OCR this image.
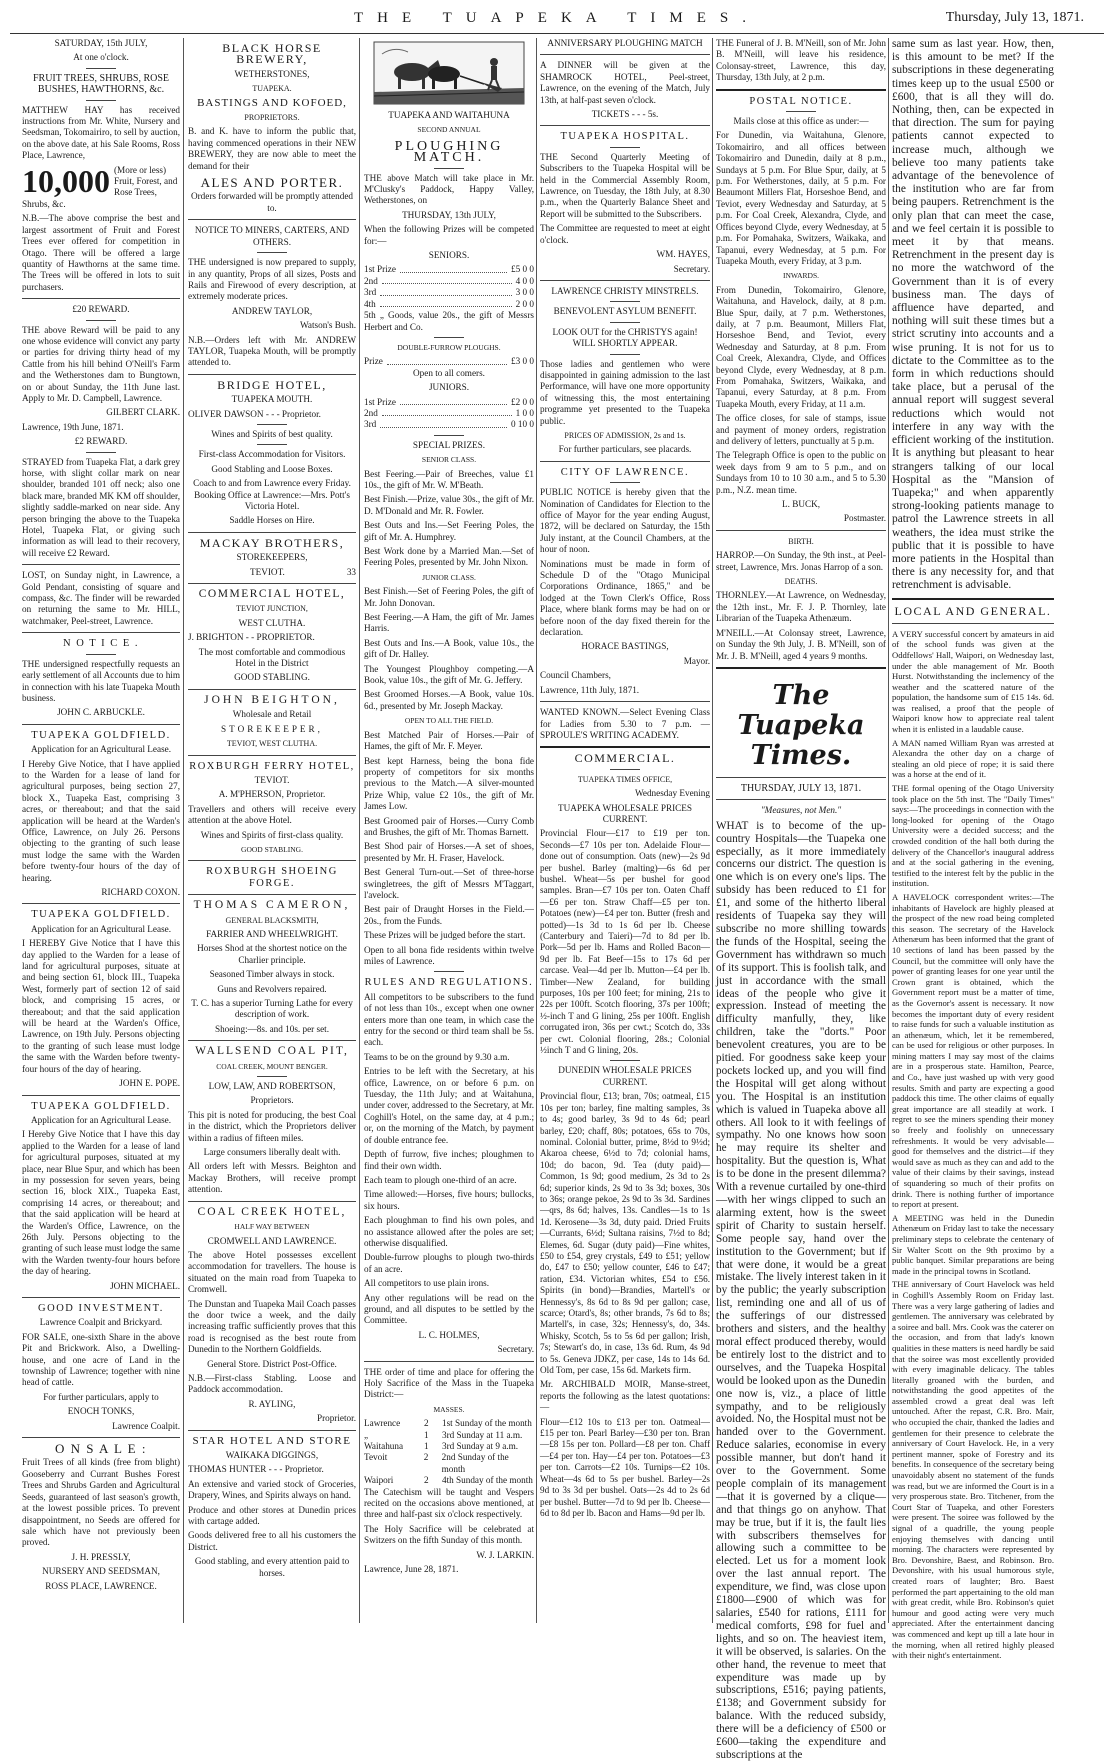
THE TUAPEKA TIMES.	Thursday, July 13, 1871.

SATURDAY, 15th JULY,

At one o'clock.

FRUIT TREES, SHRUBS, ROSE BUSHES, HAWTHORNS, &c.

MATTHEW HAY has received instructions from Mr. White, Nursery and Seedsman, Tokomairiro, to sell by auction, on the above date, at his Sale Rooms, Ross Place, Lawrence,

10,000 (More or less) Fruit, Forest, and Rose Trees, Shrubs, &c.

N.B.—The above comprise the best and largest assortment of Fruit and Forest Trees ever offered for competition in Otago. There will be offered a large quantity of Hawthorns at the same time. The Trees will be offered in lots to suit purchasers.

£20 REWARD.

THE above Reward will be paid to any one whose evidence will convict any party or parties for driving thirty head of my Cattle from his hill behind O'Neill's Farm and the Wetherstones dam to Bungtown, on or about Sunday, the 11th June last. Apply to Mr. D. Campbell, Lawrence.

GILBERT CLARK.

Lawrence, 19th June, 1871.

£2 REWARD.

STRAYED from Tuapeka Flat, a dark grey horse, with slight collar mark on near shoulder, branded 101 off neck; also one black mare, branded MK KM off shoulder, slightly saddle-marked on near side. Any person bringing the above to the Tuapeka Hotel, Tuapeka Flat, or giving such information as will lead to their recovery, will receive £2 Reward.

LOST, on Sunday night, in Lawrence, a Gold Pendant, consisting of square and compass, &c. The finder will be rewarded on returning the same to Mr. HILL, watchmaker, Peel-street, Lawrence.

N O T I C E .

THE undersigned respectfully requests an early settlement of all Accounts due to him in connection with his late Tuapeka Mouth business.

JOHN C. ARBUCKLE.

TUAPEKA GOLDFIELD.

Application for an Agricultural Lease.

I Hereby Give Notice, that I have applied to the Warden for a lease of land for agricultural purposes, being section 27, block X., Tuapeka East, comprising 3 acres, or thereabout; and that the said application will be heard at the Warden's Office, Lawrence, on July 26. Persons objecting to the granting of such lease must lodge the same with the Warden before twenty-four hours of the day of hearing.

RICHARD COXON.

TUAPEKA GOLDFIELD.

Application for an Agricultural Lease.

I HEREBY Give Notice that I have this day applied to the Warden for a lease of land for agricultural purposes, situate at and being section 61, block III., Tuapeka West, formerly part of section 12 of said block, and comprising 15 acres, or thereabout; and that the said application will be heard at the Warden's Office, Lawrence, on 19th July. Persons objecting to the granting of such lease must lodge the same with the Warden before twenty-four hours of the day of hearing.

JOHN E. POPE.

TUAPEKA GOLDFIELD.

Application for an Agricultural Lease.

I Hereby Give Notice that I have this day applied to the Warden for a lease of land for agricultural purposes, situated at my place, near Blue Spur, and which has been in my possession for seven years, being section 16, block XIX., Tuapeka East, comprising 14 acres, or thereabout; and that the said application will be heard at the Warden's Office, Lawrence, on the 26th July. Persons objecting to the granting of such lease must lodge the same with the Warden twenty-four hours before the day of hearing.

JOHN MICHAEL.

GOOD INVESTMENT.

Lawrence Coalpit and Brickyard.

FOR SALE, one-sixth Share in the above Pit and Brickwork. Also, a Dwelling-house, and one acre of Land in the township of Lawrence; together with nine head of cattle.

For further particulars, apply to

ENOCH TONKS,

Lawrence Coalpit.

O N S A L E :

Fruit Trees of all kinds (free from blight) Gooseberry and Currant Bushes Forest Trees and Shrubs Garden and Agricultural Seeds, guaranteed of last season's growth, at the lowest possible prices. To prevent disappointment, no Seeds are offered for sale which have not previously been proved.

J. H. PRESSLY,

NURSERY AND SEEDSMAN,

ROSS PLACE, LAWRENCE.

BLACK HORSE BREWERY,

WETHERSTONES,

TUAPEKA.

BASTINGS AND KOFOED,

PROPRIETORS.

B. and K. have to inform the public that, having commenced operations in their NEW BREWERY, they are now able to meet the demand for their

ALES AND PORTER.

Orders forwarded will be promptly attended to.

NOTICE TO MINERS, CARTERS, AND OTHERS.

THE undersigned is now prepared to supply, in any quantity, Props of all sizes, Posts and Rails and Firewood of every description, at extremely moderate prices.

ANDREW TAYLOR,

Watson's Bush.

N.B.—Orders left with Mr. ANDREW TAYLOR, Tuapeka Mouth, will be promptly attended to.

BRIDGE HOTEL,

TUAPEKA MOUTH.

OLIVER DAWSON - - - Proprietor.

Wines and Spirits of best quality.

First-class Accommodation for Visitors.

Good Stabling and Loose Boxes.

Coach to and from Lawrence every Friday. Booking Office at Lawrence:—Mrs. Pott's Victoria Hotel.

Saddle Horses on Hire.

MACKAY BROTHERS,

STOREKEEPERS,

TEVIOT.	33

COMMERCIAL HOTEL,

TEVIOT JUNCTION,

WEST CLUTHA.

J. BRIGHTON - - PROPRIETOR.

The most comfortable and commodious Hotel in the District

GOOD STABLING.

JOHN BEIGHTON,

Wholesale and Retail

STOREKEEPER,

TEVIOT, WEST CLUTHA.

ROXBURGH FERRY HOTEL,

TEVIOT.

A. M'PHERSON, Proprietor.

Travellers and others will receive every attention at the above Hotel.

Wines and Spirits of first-class quality.

GOOD STABLING.

ROXBURGH SHOEING FORGE.

THOMAS CAMERON,

GENERAL BLACKSMITH,

FARRIER AND WHEELWRIGHT.

Horses Shod at the shortest notice on the Charlier principle.

Seasoned Timber always in stock.

Guns and Revolvers repaired.

T. C. has a superior Turning Lathe for every description of work.

Shoeing:—8s. and 10s. per set.

WALLSEND COAL PIT,

COAL CREEK, MOUNT BENGER.

LOW, LAW, AND ROBERTSON,

Proprietors.

This pit is noted for producing, the best Coal in the district, which the Proprietors deliver within a radius of fifteen miles.

Large consumers liberally dealt with.

All orders left with Messrs. Beighton and Mackay Brothers, will receive prompt attention.

COAL CREEK HOTEL,

HALF WAY BETWEEN

CROMWELL AND LAWRENCE.

The above Hotel possesses excellent accommodation for travellers. The house is situated on the main road from Tuapeka to Cromwell.

The Dunstan and Tuapeka Mail Coach passes the door twice a week, and the daily increasing traffic sufficiently proves that this road is recognised as the best route from Dunedin to the Northern Goldfields.

General Store. District Post-Office.

N.B.—First-class Stabling. Loose and Paddock accommodation.

R. AYLING,

Proprietor.

STAR HOTEL AND STORE

WAIKAKA DIGGINGS,

THOMAS HUNTER - - - Proprietor.

An extensive and varied stock of Groceries, Drapery, Wines, and Spirits always on hand.

Produce and other stores at Dunedin prices with cartage added.

Goods delivered free to all his customers the District.

Good stabling, and every attention paid to horses.

TUAPEKA AND WAITAHUNA

SECOND ANNUAL

PLOUGHING MATCH.

THE above Match will take place in Mr. M'Clusky's Paddock, Happy Valley, Wetherstones, on

THURSDAY, 13th JULY,

When the following Prizes will be competed for:—

SENIORS.

1st Prize	£5 0 0
2nd	4 0 0
3rd	3 0 0
4th	2 0 0

5th „ Goods, value 20s., the gift of Messrs Herbert and Co.

DOUBLE-FURROW PLOUGHS.

Prize	£3 0 0

Open to all comers.

JUNIORS.

1st Prize	£2 0 0
2nd	1 0 0
3rd	0 10 0

SPECIAL PRIZES.

SENIOR CLASS.

Best Feering.—Pair of Breeches, value £1 10s., the gift of Mr. W. M'Beath.

Best Finish.—Prize, value 30s., the gift of Mr. D. M'Donald and Mr. R. Fowler.

Best Outs and Ins.—Set Feering Poles, the gift of Mr. A. Humphrey.

Best Work done by a Married Man.—Set of Feering Poles, presented by Mr. John Nixon.

JUNIOR CLASS.

Best Finish.—Set of Feering Poles, the gift of Mr. John Donovan.

Best Feering.—A Ham, the gift of Mr. James Harris.

Best Outs and Ins.—A Book, value 10s., the gift of Dr. Halley.

The Youngest Ploughboy competing.—A Book, value 10s., the gift of Mr. G. Jeffery.

Best Groomed Horses.—A Book, value 10s. 6d., presented by Mr. Joseph Mackay.

OPEN TO ALL THE FIELD.

Best Matched Pair of Horses.—Pair of Hames, the gift of Mr. F. Meyer.

Best kept Harness, being the bona fide property of competitors for six months previous to the Match.—A silver-mounted Prize Whip, value £2 10s., the gift of Mr. James Low.

Best Groomed pair of Horses.—Curry Comb and Brushes, the gift of Mr. Thomas Barnett.

Best Shod pair of Horses.—A set of shoes, presented by Mr. H. Fraser, Havelock.

Best General Turn-out.—Set of three-horse swingletrees, the gift of Messrs M'Taggart, l'avelock.

Best pair of Draught Horses in the Field.—20s., from the Funds.

These Prizes will be judged before the start.

Open to all bona fide residents within twelve miles of Lawrence.

RULES AND REGULATIONS.

All competitors to be subscribers to the fund of not less than 10s., except when one owner enters more than one team, in which case the entry for the second or third team shall be 5s. each.

Teams to be on the ground by 9.30 a.m.

Entries to be left with the Secretary, at his office, Lawrence, on or before 6 p.m. on Tuesday, the 11th July; and at Waitahuna, under cover, addressed to the Secretary, at Mr. Coghill's Hotel, on the same day, at 4 p.m.; or, on the morning of the Match, by payment of double entrance fee.

Depth of furrow, five inches; ploughmen to find their own width.

Each team to plough one-third of an acre.

Time allowed:—Horses, five hours; bullocks, six hours.

Each ploughman to find his own poles, and no assistance allowed after the poles are set; otherwise disqualified.

Double-furrow ploughs to plough two-thirds of an acre.

All competitors to use plain irons.

Any other regulations will be read on the ground, and all disputes to be settled by the Committee.

L. C. HOLMES,

Secretary.

THE order of time and place for offering the Holy Sacrifice of the Mass in the Tuapeka District:—

MASSES.

Lawrence	2	1st Sunday of the month
„	1	3rd Sunday at 11 a.m.
Waitahuna	1	3rd Sunday at 9 a.m.
Tevoit	2	2nd Sunday of the month
Waipori	2	4th Sunday of the month

The Catechism will be taught and Vespers recited on the occasions above mentioned, at three and half-past six o'clock respectively.

The Holy Sacrifice will be celebrated at Switzers on the fifth Sunday of this month.

W. J. LARKIN.

Lawrence, June 28, 1871.

ANNIVERSARY PLOUGHING MATCH

A DINNER will be given at the SHAMROCK HOTEL, Peel-street, Lawrence, on the evening of the Match, July 13th, at half-past seven o'clock.

TICKETS - - - 5s.

TUAPEKA HOSPITAL.

THE Second Quarterly Meeting of Subscribers to the Tuapeka Hospital will be held in the Commercial Assembly Room, Lawrence, on Tuesday, the 18th July, at 8.30 p.m., when the Quarterly Balance Sheet and Report will be submitted to the Subscribers.

The Committee are requested to meet at eight o'clock.

WM. HAYES,

Secretary.

LAWRENCE CHRISTY MINSTRELS.

BENEVOLENT ASYLUM BENEFIT.

LOOK OUT for the CHRISTYS again! WILL SHORTLY APPEAR.

Those ladies and gentlemen who were disappointed in gaining admission to the last Performance, will have one more opportunity of witnessing this, the most entertaining programme yet presented to the Tuapeka public.

PRICES OF ADMISSION, 2s and 1s.

For further particulars, see placards.

CITY OF LAWRENCE.

PUBLIC NOTICE is hereby given that the Nomination of Candidates for Election to the office of Mayor for the year ending August, 1872, will be declared on Saturday, the 15th July instant, at the Council Chambers, at the hour of noon.

Nominations must be made in form of Schedule D of the "Otago Municipal Corporations Ordinance, 1865," and be lodged at the Town Clerk's Office, Ross Place, where blank forms may be had on or before noon of the day fixed therein for the declaration.

HORACE BASTINGS,

Mayor.

Council Chambers,

Lawrence, 11th July, 1871.

WANTED KNOWN.—Select Evening Class for Ladies from 5.30 to 7 p.m. —SPROULE'S WRITING ACADEMY.

COMMERCIAL.

TUAPEKA TIMES OFFICE,

Wednesday Evening

TUAPEKA WHOLESALE PRICES CURRENT.

Provincial Flour—£17 to £19 per ton. Seconds—£7 10s per ton. Adelaide Flour—done out of consumption. Oats (new)—2s 9d per bushel. Barley (malting)—6s 6d per bushel. Wheat—5s per bushel for good samples. Bran—£7 10s per ton. Oaten Chaff—£6 per ton. Straw Chaff—£5 per ton. Potatoes (new)—£4 per ton. Butter (fresh and potted)—1s 3d to 1s 6d per lb. Cheese (Canterbury and Taieri)—7d to 8d per lb. Pork—5d per lb. Hams and Rolled Bacon—9d per lb. Fat Beef—15s to 17s 6d per carcase. Veal—4d per lb. Mutton—£4 per lb. Timber—New Zealand, for building purposes, 10s per 100 feet; for mining, 21s to 22s per 100ft. Scotch flooring, 37s per 100ft; ½-inch T and G lining, 25s per 100ft. English corrugated iron, 36s per cwt.; Scotch do, 33s per cwt. Colonial flooring, 28s.; Colonial ½inch T and G lining, 20s.

DUNEDIN WHOLESALE PRICES CURRENT.

Provincial flour, £13; bran, 70s; oatmeal, £15 10s per ton; barley, fine malting samples, 3s to 4s; good barley, 3s 9d to 4s 6d; pearl barley, £20; chaff, 80s; potatoes, 65s to 70s, nominal. Colonial butter, prime, 8½d to 9½d; Akaroa cheese, 6½d to 7d; colonial hams, 10d; do bacon, 9d. Tea (duty paid)—Common, 1s 9d; good medium, 2s 3d to 2s 6d; superior kinds, 2s 9d to 3s 3d; boxes, 30s to 36s; orange pekoe, 2s 9d to 3s 3d. Sardines—qrs, 8s 6d; halves, 13s. Candles—1s to 1s 1d. Kerosene—3s 3d, duty paid. Dried Fruits—Currants, 6½d; Sultana raisins, 7½d to 8d; Elemes, 6d. Sugar (duty paid)—Fine whites, £50 to £54, grey crystals, £49 to £51; yellow do, £47 to £50; yellow counter, £46 to £47; ration, £34. Victorian whites, £54 to £56. Spirits (in bond)—Brandies, Martell's or Hennessy's, 8s 6d to 8s 9d per gallon; case, scarce; Otard's, 8s; other brands, 7s 6d to 8s; Martell's, in case, 32s; Hennessy's, do, 34s. Whisky, Scotch, 5s to 5s 6d per gallon; Irish, 7s; Stewart's do, in case, 13s 6d. Rum, 4s 9d to 5s. Geneva JDKZ, per case, 14s to 14s 6d. Old Tom, per case, 15s 6d. Markets firm.

Mr. ARCHIBALD MOIR, Manse-street, reports the following as the latest quotations:—

Flour—£12 10s to £13 per ton. Oatmeal—£15 per ton. Pearl Barley—£30 per ton. Bran—£8 15s per ton. Pollard—£8 per ton. Chaff—£4 per ton. Hay—£4 per ton. Potatoes—£3 per ton. Carrots—£2 10s. Turnips—£2 10s. Wheat—4s 6d to 5s per bushel. Barley—2s 9d to 3s 3d per bushel. Oats—2s 4d to 2s 6d per bushel. Butter—7d to 9d per lb. Cheese—6d to 8d per lb. Bacon and Hams—9d per lb.

THE Funeral of J. B. M'Neill, son of Mr. John B. M'Neill, will leave his residence, Colonsay-street, Lawrence, this day, Thursday, 13th July, at 2 p.m.

POSTAL NOTICE.

Mails close at this office as under:—

For Dunedin, via Waitahuna, Glenore, Tokomairiro, and all offices between Tokomairiro and Dunedin, daily at 8 p.m., Sundays at 5 p.m. For Blue Spur, daily, at 5 p.m. For Wetherstones, daily, at 5 p.m. For Beaumont Millers Flat, Horseshoe Bend, and Teviot, every Wednesday and Saturday, at 5 p.m. For Coal Creek, Alexandra, Clyde, and Offices beyond Clyde, every Wednesday, at 5 p.m. For Pomahaka, Switzers, Waikaka, and Tapanui, every Wednesday, at 5 p.m. For Tuapeka Mouth, every Friday, at 3 p.m.

INWARDS.

From Dunedin, Tokomairiro, Glenore, Waitahuna, and Havelock, daily, at 8 p.m. Blue Spur, daily, at 7 p.m. Wetherstones, daily, at 7 p.m. Beaumont, Millers Flat, Horseshoe Bend, and Teviot, every Wednesday and Saturday, at 8 p.m. From Coal Creek, Alexandra, Clyde, and Offices beyond Clyde, every Wednesday, at 8 p.m. From Pomahaka, Switzers, Waikaka, and Tapanui, every Saturday, at 8 p.m. From Tuapeka Mouth, every Friday, at 11 a.m.

The office closes, for sale of stamps, issue and payment of money orders, registration and delivery of letters, punctually at 5 p.m.

The Telegraph Office is open to the public on week days from 9 am to 5 p.m., and on Sundays from 10 to 10 30 a.m., and 5 to 5.30 p.m., N.Z. mean time.

L. BUCK,

Postmaster.

BIRTH.

HARROP.—On Sunday, the 9th inst., at Peel-street, Lawrence, Mrs. Jonas Harrop of a son.

DEATHS.

THORNLEY.—At Lawrence, on Wednesday, the 12th inst., Mr. F. J. P. Thornley, late Librarian of the Tuapeka Athenæum.

M'NEILL.—At Colonsay street, Lawrence, on Sunday the 9th July, J. B. M'Neill, son of Mr. J. B. M'Neill, aged 4 years 9 months.

The Tuapeka Times.

THURSDAY, JULY 13, 1871.

"Measures, not Men."

WHAT is to become of the up-country Hospitals—the Tuapeka one especially, as it more immediately concerns our district. The question is one which is on every one's lips. The subsidy has been reduced to £1 for £1, and some of the hitherto liberal residents of Tuapeka say they will subscribe no more shilling towards the funds of the Hospital, seeing the Government has withdrawn so much of its support. This is foolish talk, and just in accordance with the small ideas of the people who give it expression. Instead of meeting the difficulty manfully, they, like children, take the "dorts." Poor benevolent creatures, you are to be pitied. For goodness sake keep your pockets locked up, and you will find the Hospital will get along without you. The Hospital is an institution which is valued in Tuapeka above all others. All look to it with feelings of sympathy. No one knows how soon he may require its shelter and hospitality. But the question is, What is to be done in the present dilemma? With a revenue curtailed by one-third—with her wings clipped to such an alarming extent, how is the sweet spirit of Charity to sustain herself. Some people say, hand over the institution to the Government; but if that were done, it would be a great mistake. The lively interest taken in it by the public; the yearly subscription list, reminding one and all of us of the sufferings of our distressed brothers and sisters, and the healthy moral effect produced thereby, would be entirely lost to the district and to ourselves, and the Tuapeka Hospital would be looked upon as the Dunedin one now is, viz., a place of little sympathy, and to be religiously avoided. No, the Hospital must not be handed over to the Government. Reduce salaries, economise in every possible manner, but don't hand it over to the Government. Some people complain of its management—that it is governed by a clique—and that things go on anyhow. That may be true, but if it is, the fault lies with subscribers themselves for allowing such a committee to be elected. Let us for a moment look over the last annual report. The expenditure, we find, was close upon £1800—£900 of which was for salaries, £540 for rations, £111 for medical comforts, £98 for fuel and lights, and so on. The heaviest item, it will be observed, is salaries. On the other hand, the revenue to meet that expenditure was made up by subscriptions, £516; paying patients, £138; and Government subsidy for balance. With the reduced subsidy, there will be a deficiency of £500 or £600—taking the expenditure and subscriptions at the

same sum as last year. How, then, is this amount to be met? If the subscriptions in these degenerating times keep up to the usual £500 or £600, that is all they will do. Nothing, then, can be expected in that direction. The sum for paying patients cannot expected to increase much, although we believe too many patients take advantage of the benevolence of the institution who are far from being paupers. Retrenchment is the only plan that can meet the case, and we feel certain it is possible to meet it by that means. Retrenchment in the present day is no more the watchword of the Government than it is of every business man. The days of affluence have departed, and nothing will suit these times but a strict scrutiny into accounts and a wise pruning. It is not for us to dictate to the Committee as to the form in which reductions should take place, but a perusal of the annual report will suggest several reductions which would not interfere in any way with the efficient working of the institution. It is anything but pleasant to hear strangers talking of our local Hospital as the "Mansion of Tuapeka;" and when apparently strong-looking patients manage to patrol the Lawrence streets in all weathers, the idea must strike the public that it is possible to have more patients in the Hospital than there is any necessity for, and that retrenchment is advisable.

LOCAL AND GENERAL.

A VERY successful concert by amateurs in aid of the school funds was given at the Oddfellows' Hall, Waipori, on Wednesday last, under the able management of Mr. Booth Hurst. Notwithstanding the inclemency of the weather and the scattered nature of the population, the handsome sum of £15 14s. 6d. was realised, a proof that the people of Waipori know how to appreciate real talent when it is enlisted in a laudable cause.

A MAN named William Ryan was arrested at Alexandra the other day on a charge of stealing an old piece of rope; it is said there was a horse at the end of it.

THE formal opening of the Otago University took place on the 5th inst. The "Daily Times" says:—The proceedings in connection with the long-looked for opening of the Otago University were a decided success; and the crowded condition of the hall both during the delivery of the Chancellor's inaugural address and at the social gathering in the evening, testified to the interest felt by the public in the institution.

A HAVELOCK correspondent writes:—The inhabitants of Havelock are highly pleased at the prospect of the new road being completed this season. The secretary of the Havelock Athenæum has been informed that the grant of 10 sections of land has been passed by the Council, but the committee will only have the power of granting leases for one year until the Crown grant is obtained, which the Government report must be a matter of time, as the Governor's assent is necessary. It now becomes the important duty of every resident to raise funds for such a valuable institution as an athenæum, which, let it be remembered, can be used for religious or other purposes. In mining matters I may say most of the claims are in a prosperous state. Hamilton, Pearce, and Co., have just washed up with very good results. Smith and party are expecting a good paddock this time. The other claims of equally great importance are all steadily at work. I regret to see the miners spending their money so freely and foolishly on unnecessary refreshments. It would be very advisable—good for themselves and the district—if they would save as much as they can and add to the value of their claims by their savings, instead of squandering so much of their profits on drink. There is nothing further of importance to report at present.

A MEETING was held in the Dunedin Athenæum on Friday last to take the necessary preliminary steps to celebrate the centenary of Sir Walter Scott on the 9th proximo by a public banquet. Similar preparations are being made in the principal towns in Scotland.

THE anniversary of Court Havelock was held in Coghill's Assembly Room on Friday last. There was a very large gathering of ladies and gentlemen. The anniversary was celebrated by a soiree and ball. Mrs. Cook was the caterer on the occasion, and from that lady's known qualities in these matters is need hardly be said that the soiree was most excellently provided with every imaginable delicacy. The tables literally groaned with the burden, and notwithstanding the good appetites of the assembled crowd a great deal was left untouched. After the repast, C.R. Bro. Mair, who occupied the chair, thanked the ladies and gentlemen for their presence to celebrate the anniversary of Court Havelock. He, in a very pertinent manner, spoke of Forestry and its benefits. In consequence of the secretary being unavoidably absent no statement of the funds was read, but we are informed the Court is in a very prosperous state. Bro. Titchener, from the Court Star of Tuapeka, and other Foresters were present. The soiree was followed by the signal of a quadrille, the young people enjoying themselves with dancing until morning. The characters were represented by Bro. Devonshire, Baest, and Robinson. Bro. Devonshire, with his usual humorous style, created roars of laughter; Bro. Baest performed the part appertaining to the old man with great credit, while Bro. Robinson's quiet humour and good acting were very much appreciated. After the entertainment dancing was commenced and kept up till a late hour in the morning, when all retired highly pleased with their night's entertainment.
